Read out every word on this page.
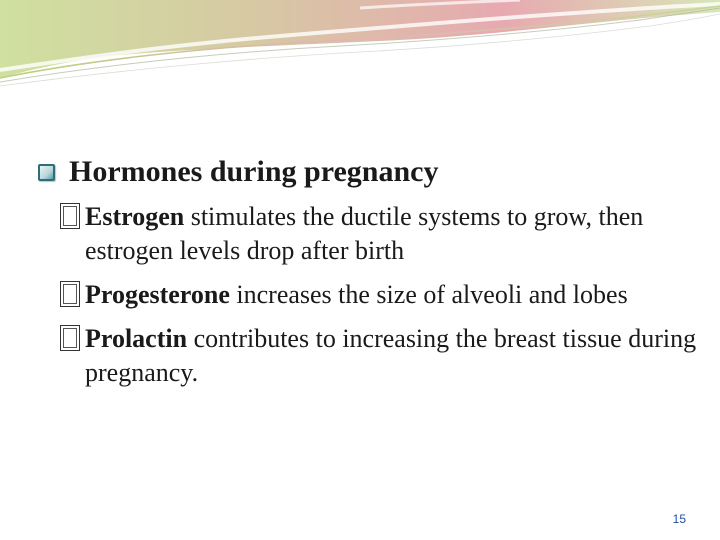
Hormones during pregnancy
Estrogen stimulates the ductile systems to grow, then estrogen levels drop after birth
Progesterone increases the size of alveoli and lobes
Prolactin contributes to increasing the breast tissue during pregnancy.
15
